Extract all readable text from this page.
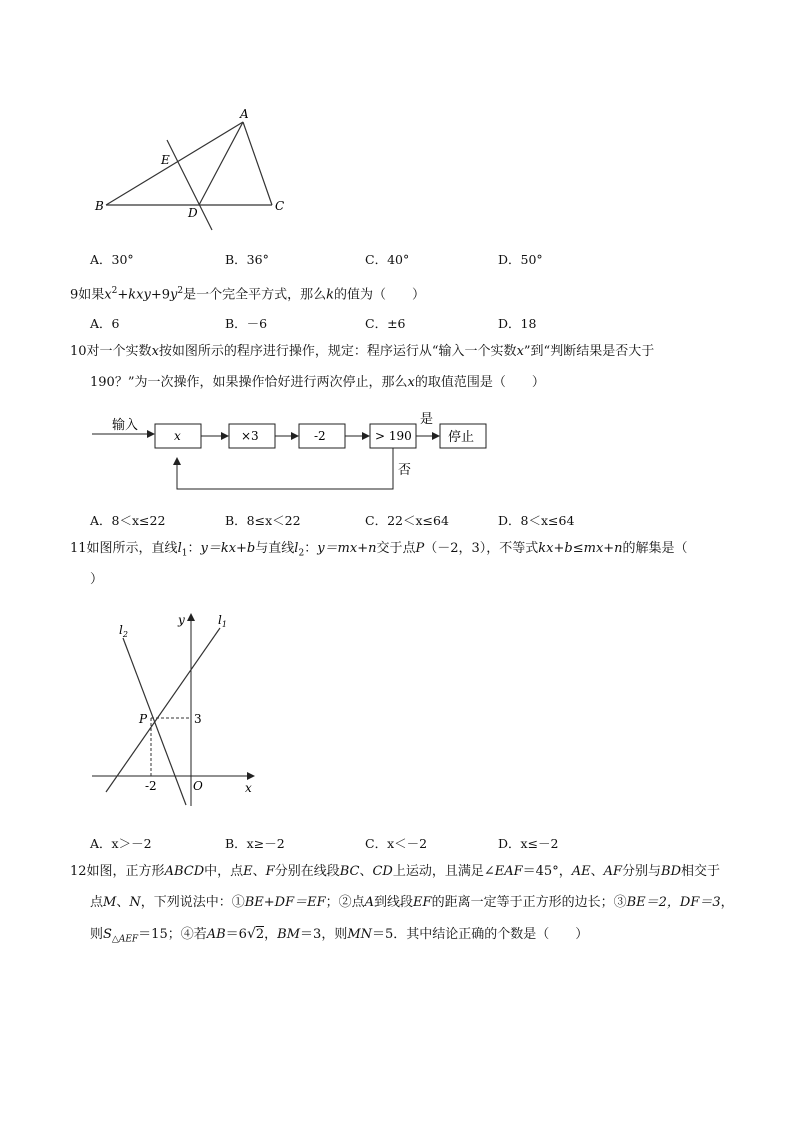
A
B	C
D
E
A．30°	B．36°	C．40°	D．50°
9如果$x^2+kxy+9y^2$是一个完全平方式，那么k的值为（　　）
A．6	B．－6	C．±6	D．18
10对一个实数x按如图所示的程序进行操作，规定：程序运行从“输入一个实数x”到“判断结果是否大于
190？”为一次操作，如果操作恰好进行两次停止，那么x的取值范围是（　　）
输入
x	×3	-2	> 190
是
停止
否
A．8＜x≤22	B．8≤x＜22	C．22＜x≤64	D．8＜x≤64
11如图所示，直线$l_1$：y＝kx+b与直线$l_2$：y＝mx+n交于点P（－2，3），不等式kx+b≤mx+n的解集是（
）
y
x
O
P	3
-2
$l_2$
$l_1$
A．x＞－2	B．x≥－2	C．x＜－2	D．x≤－2
12如图，正方形ABCD中，点E、F分别在线段BC、CD上运动，且满足∠EAF＝45°，AE、AF分别与BD相交于
点M、N，下列说法中：①BE+DF＝EF；②点A到线段EF的距离一定等于正方形的边长；③BE＝2，DF＝3，
则$S_{\triangle AEF}=15$；④若AB＝6√2，BM＝3，则MN＝5．其中结论正确的个数是（　　）
